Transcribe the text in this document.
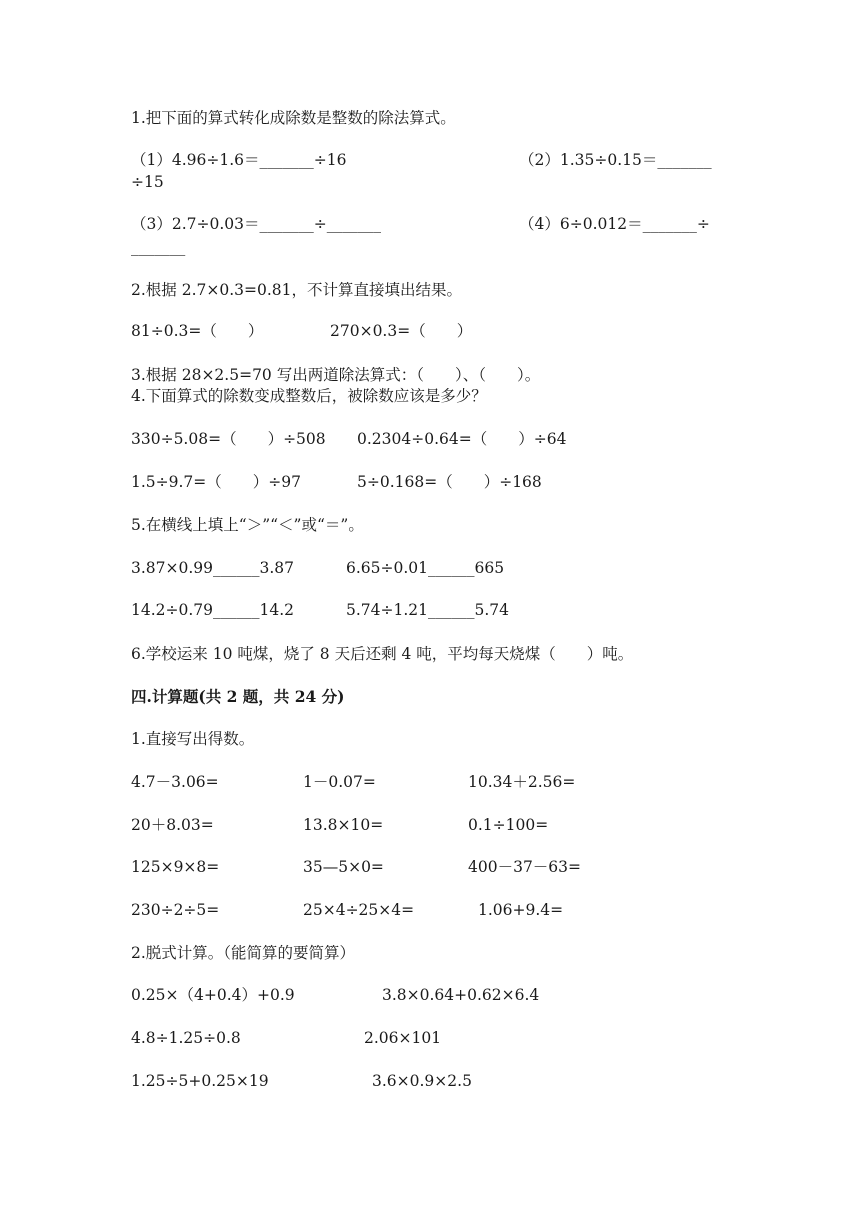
1.把下面的算式转化成除数是整数的除法算式。
（1）4.96÷1.6＝_______÷16	（2）1.35÷0.15＝_______
÷15
（3）2.7÷0.03＝_______÷_______	（4）6÷0.012＝_______÷
_______
2.根据 2.7×0.3=0.81，不计算直接填出结果。
81÷0.3=（　　）	270×0.3=（　　）
3.根据 28×2.5=70 写出两道除法算式：（　　）、（　　）。
4.下面算式的除数变成整数后，被除数应该是多少？
330÷5.08=（　　）÷508 0.2304÷0.64=（　　）÷64
1.5÷9.7=（　　）÷97	5÷0.168=（　　）÷168
5.在横线上填上“＞”“＜”或“＝”。
3.87×0.99______3.87	6.65÷0.01______665
14.2÷0.79______14.2	5.74÷1.21______5.74
6.学校运来 10 吨煤，烧了 8 天后还剩 4 吨，平均每天烧煤（　　）吨。
四.计算题(共 2 题，共 24 分)
1.直接写出得数。
4.7－3.06=	1－0.07=	10.34＋2.56=
20＋8.03=	13.8×10=	0.1÷100=
125×9×8=	35—5×0=	400－37－63=
230÷2÷5=	25×4÷25×4=	1.06+9.4=
2.脱式计算。（能简算的要简算）
0.25×（4+0.4）+0.9	3.8×0.64+0.62×6.4
4.8÷1.25÷0.8	2.06×101
1.25÷5+0.25×19	3.6×0.9×2.5
